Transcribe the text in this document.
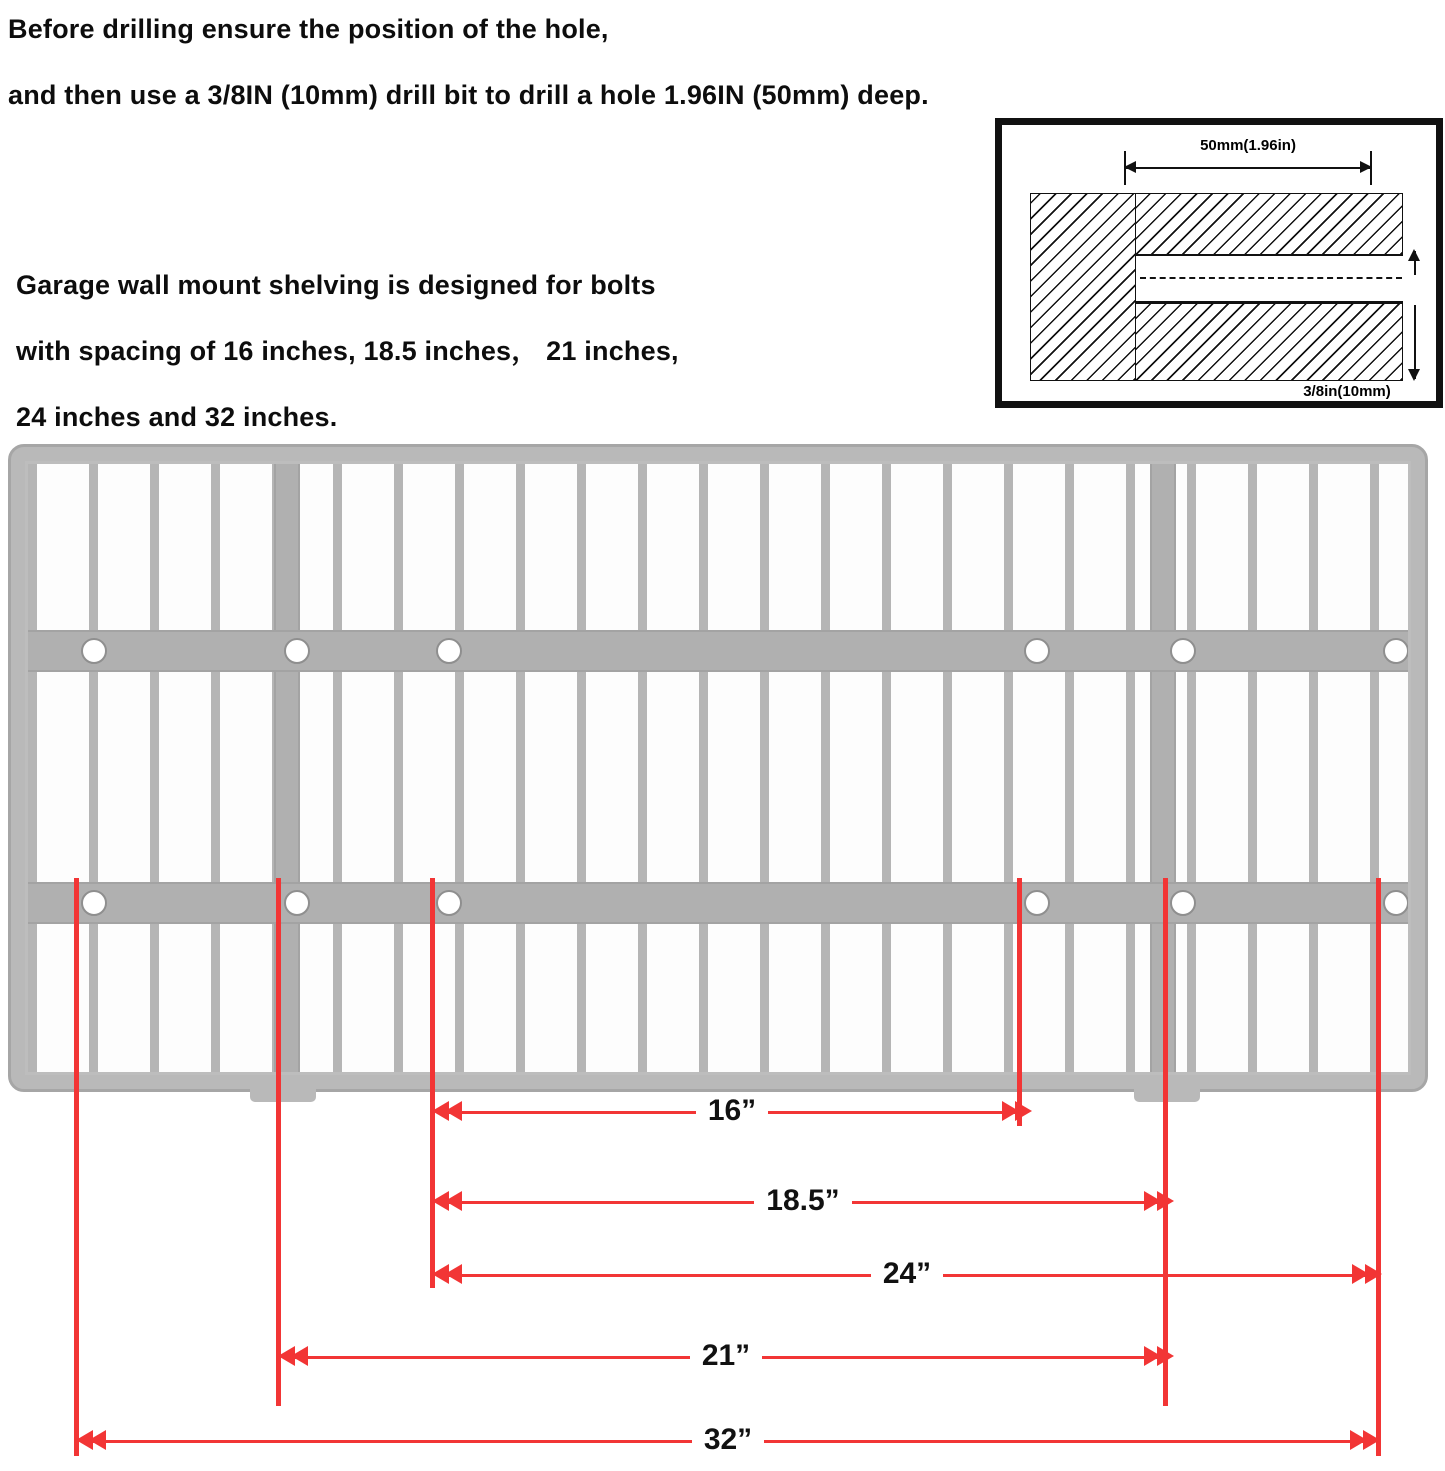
Before drilling ensure the position of the hole,
and then use a 3/8IN (10mm) drill bit to drill a hole 1.96IN (50mm) deep.
Garage wall mount shelving is designed for bolts
with spacing of 16 inches, 18.5 inches， 21 inches,
24 inches and 32 inches.
50mm(1.96in)
3/8in(10mm)
16”
18.5”
24”
21”
32”
